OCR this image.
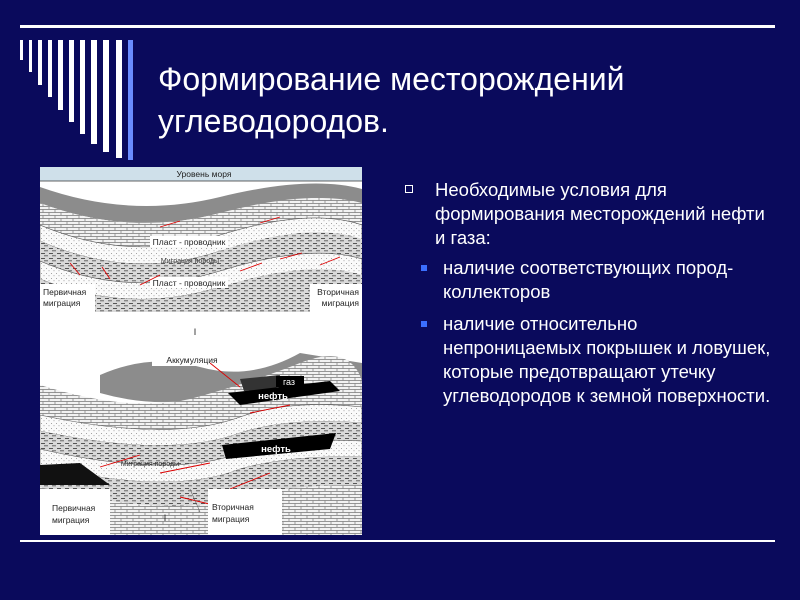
Формирование месторождений
углеводородов.
Уровень моря
Пласт - проводник
Миграция породы
Пласт - проводник
Первичная
миграция
Вторичная
миграция
I
газ
нефть
нефть
Аккумуляция
Миграция породы
Первичная
миграция
Вторичная
миграция
I
Необходимые условия для формирования месторождений нефти и газа:
наличие соответствующих пород-коллекторов
наличие относительно непроницаемых покрышек и ловушек, которые предотвращают утечку углеводородов к земной поверхности.
